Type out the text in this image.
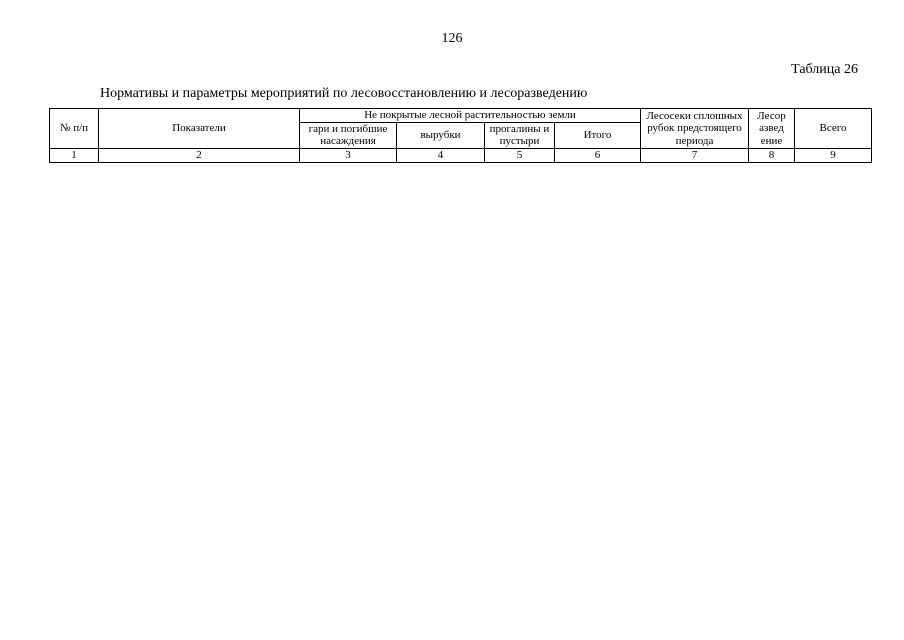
126
Таблица 26
Нормативы и параметры мероприятий по лесовосстановлению и лесоразведению
№ п/п	Показатели	Не покрытые лесной растительностью земли				Лесосеки сплошных рубок предстоящего периода	Лесор азвед ение	Всего
		гари и погибшие насаждения	вырубки	прогалины и пустыри	Итого			
1	2	3	4	5	6	7	8	9
